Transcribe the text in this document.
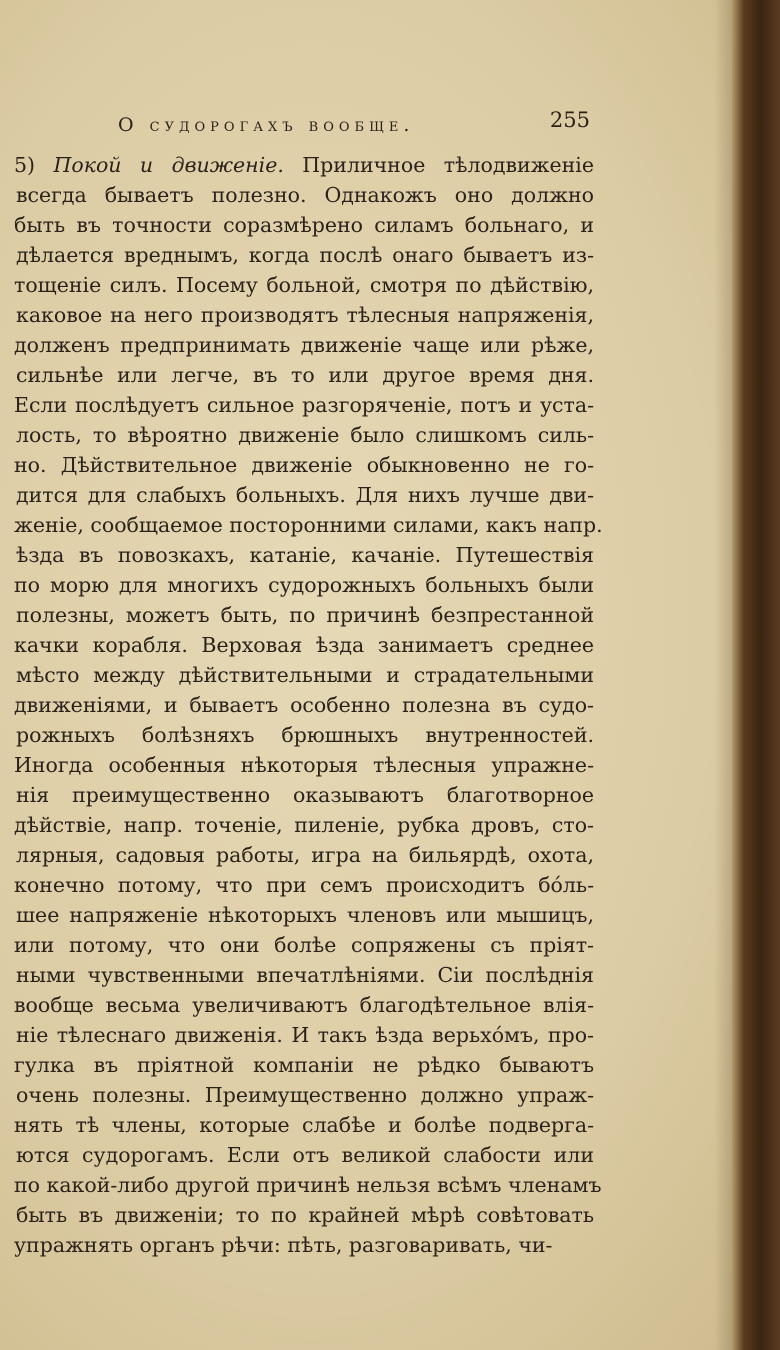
О судорогахъ вообще.	255
5) Покой и движеніе. Приличное тѣлодвиженіе
всегда бываетъ полезно. Однакожъ оно должно
быть въ точности соразмѣрено силамъ больнаго, и
дѣлается вреднымъ, когда послѣ онаго бываетъ из-
тощеніе силъ. Посему больной, смотря по дѣйствію,
каковое на него производятъ тѣлесныя напряженія,
долженъ предпринимать движеніе чаще или рѣже,
сильнѣе или легче, въ то или другое время дня.
Если послѣдуетъ сильное разгоряченіе, потъ и уста-
лость, то вѣроятно движеніе было слишкомъ силь-
но. Дѣйствительное движеніе обыкновенно не го-
дится для слабыхъ больныхъ. Для нихъ лучше дви-
женіе, сообщаемое посторонними силами, какъ напр.
ѣзда въ повозкахъ, катаніе, качаніе. Путешествія
по морю для многихъ судорожныхъ больныхъ были
полезны, можетъ быть, по причинѣ безпрестанной
качки корабля. Верховая ѣзда занимаетъ среднее
мѣсто между дѣйствительными и страдательными
движеніями, и бываетъ особенно полезна въ судо-
рожныхъ болѣзняхъ брюшныхъ внутренностей.
Иногда особенныя нѣкоторыя тѣлесныя упражне-
нія преимущественно оказываютъ благотворное
дѣйствіе, напр. точеніе, пиленіе, рубка дровъ, сто-
лярныя, садовыя работы, игра на бильярдѣ, охота,
конечно потому, что при семъ происходитъ бо́ль-
шее напряженіе нѣкоторыхъ членовъ или мышицъ,
или потому, что они болѣе сопряжены съ пріят-
ными чувственными впечатлѣніями. Сіи послѣднія
вообще весьма увеличиваютъ благодѣтельное влія-
ніе тѣлеснаго движенія. И такъ ѣзда верьхо́мъ, про-
гулка въ пріятной компаніи не рѣдко бываютъ
очень полезны. Преимущественно должно упраж-
нять тѣ члены, которые слабѣе и болѣе подверга-
ются судорогамъ. Если отъ великой слабости или
по какой-либо другой причинѣ нельзя всѣмъ членамъ
быть въ движеніи; то по крайней мѣрѣ совѣтовать
упражнять органъ рѣчи: пѣть, разговаривать, чи-
